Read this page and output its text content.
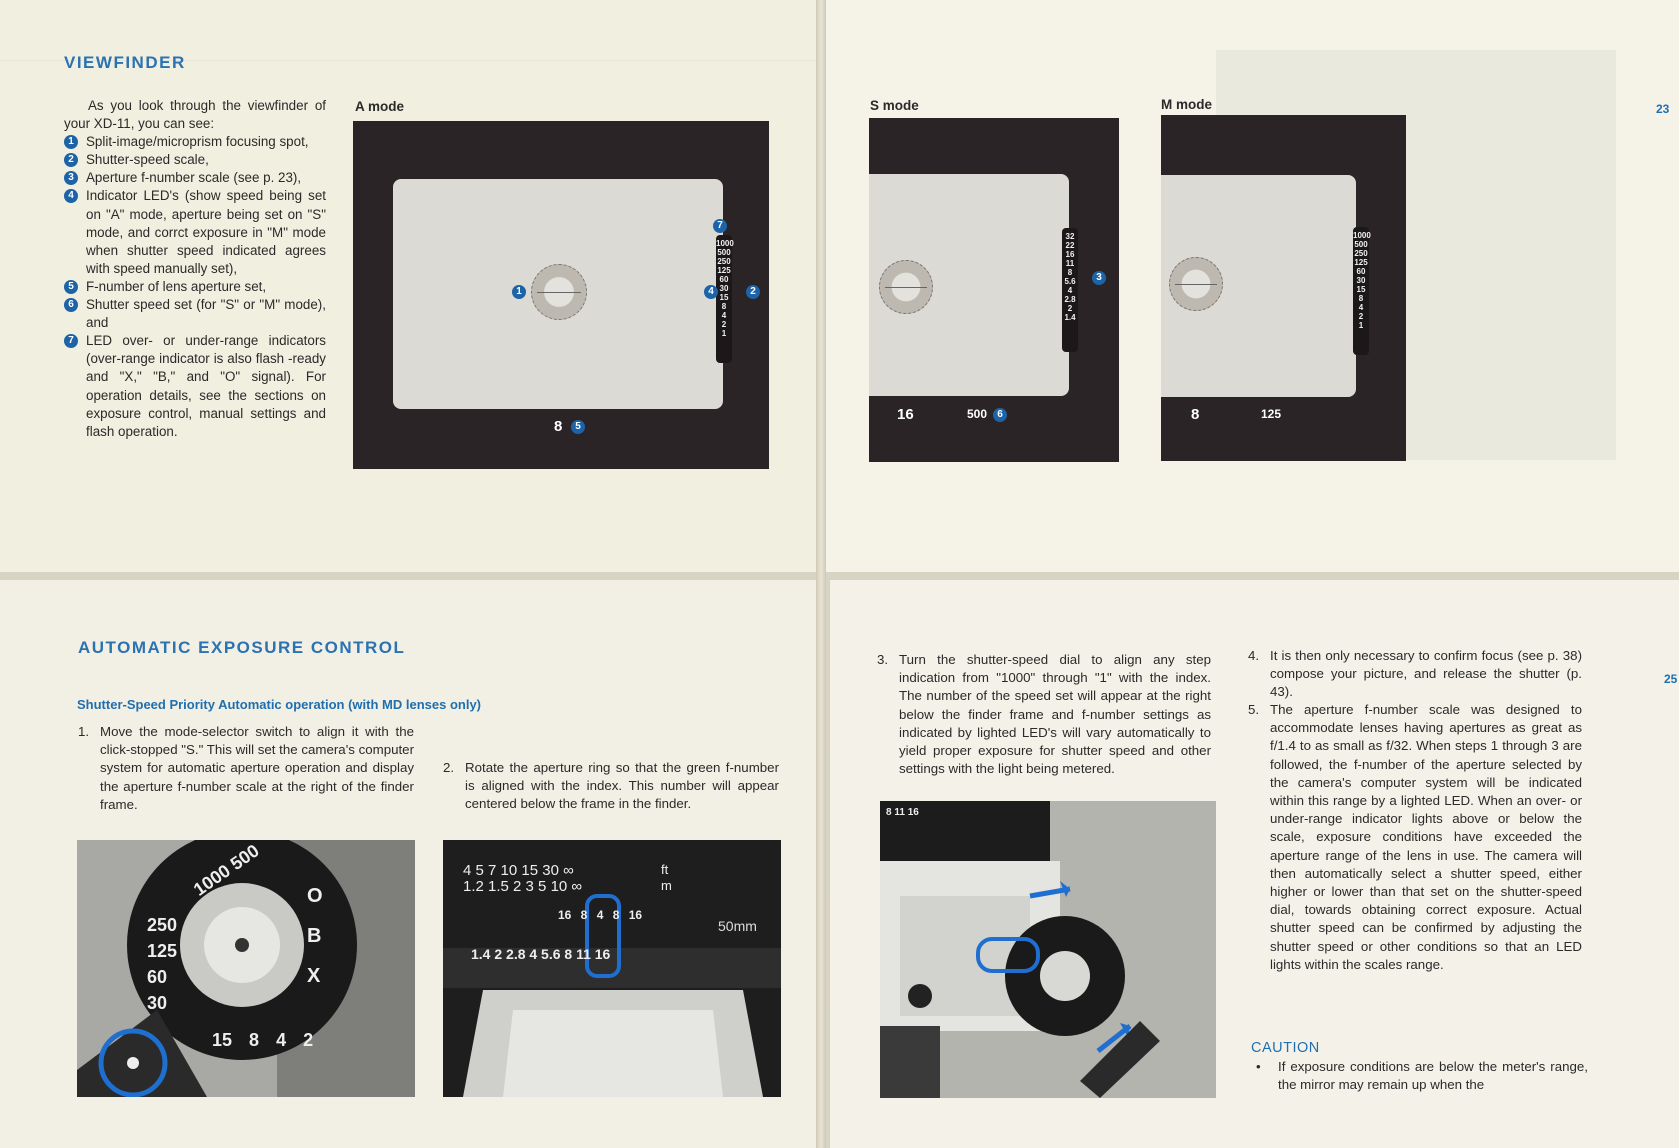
VIEWFINDER

As you look through the viewfinder of your XD-11, you can see:

1 Split-image/microprism focusing spot,
2 Shutter-speed scale,
3 Aperture f-number scale (see p. 23),
4 Indicator LED's (show speed being set on "A" mode, aperture being set on "S" mode, and corrct exposure in "M" mode when shutter speed indicated agrees with speed manually set),
5 F-number of lens aperture set,
6 Shutter speed set (for "S" or "M" mode), and
7 LED over- or under-range indicators (over-range indicator is also flash -ready and "X," "B," and "O" signal). For operation details, see the sections on exposure control, manual settings and flash operation.
A mode
1
1000
500
250
125
60
30
15
8
4
2
1
7
4	2
8	5
S mode
32
22
16
11
8
5.6
4
2.8
2
1.4
3
16	500	6
M mode
1000
500
250
125
60
30
15
8
4
2
1
8	125
23
AUTOMATIC EXPOSURE CONTROL
Shutter-Speed Priority Automatic operation (with MD lenses only)
1. Move the mode-selector switch to align it with the click-stopped "S." This will set the camera's computer system for automatic aperture operation and display the aperture f-number scale at the right of the finder frame.
2. Rotate the aperture ring so that the green f-number is aligned with the index. This number will appear centered below the frame in the finder.
1000 500
250
125
60
30
15 8 4 2
O
B
X
4 5 7 10 15 30 ∞
1.2 1.5 2 3 5 10 ∞
ft
m
16 8 4 8 16
1.4 2 2.8 4 5.6 8 11 16
50mm
3. Turn the shutter-speed dial to align any step indication from "1000" through "1" with the index. The number of the speed set will appear at the right below the finder frame and f-number settings as indicated by lighted LED's will vary automatically to yield proper exposure for shutter speed and other settings with the light being metered.
8 11 16
4. It is then only necessary to confirm focus (see p. 38) compose your picture, and release the shutter (p. 43).
5. The aperture f-number scale was designed to accommodate lenses having apertures as great as f/1.4 to as small as f/32. When steps 1 through 3 are followed, the f-number of the aperture selected by the camera's computer system will be indicated within this range by a lighted LED. When an over- or under-range indicator lights above or below the scale, exposure conditions have exceeded the aperture range of the lens in use. The camera will then automatically select a shutter speed, either higher or lower than that set on the shutter-speed dial, towards obtaining correct exposure. Actual shutter speed can be confirmed by adjusting the shutter speed or other conditions so that an LED lights within the scales range.
CAUTION
• If exposure conditions are below the meter's range, the mirror may remain up when the
25
